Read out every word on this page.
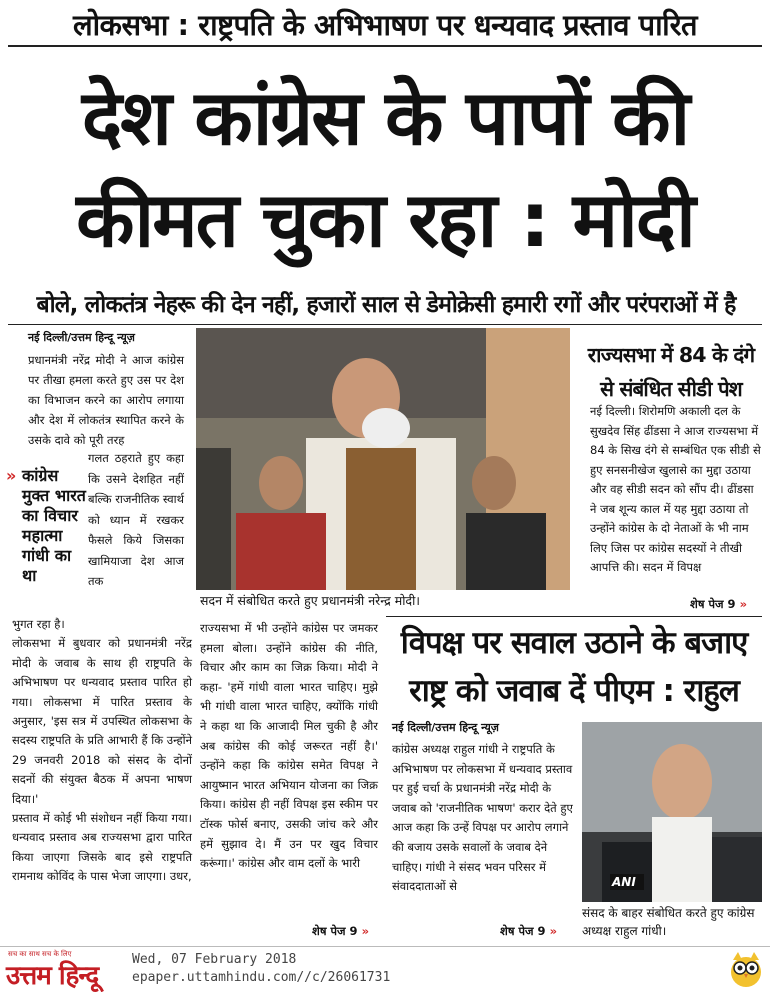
लोकसभा : राष्ट्रपति के अभिभाषण पर धन्यवाद प्रस्ताव पारित
देश कांग्रेस के पापों की
कीमत चुका रहा : मोदी
बोले, लोकतंत्र नेहरू की देन नहीं, हजारों साल से डेमोक्रेसी हमारी रगों और परंपराओं में है
नई दिल्ली/उत्तम हिन्दू न्यूज़
प्रधानमंत्री नरेंद्र मोदी ने आज कांग्रेस पर तीखा हमला करते हुए उस पर देश का विभाजन करने का आरोप लगाया और देश में लोकतंत्र स्थापित करने के उसके दावे को पूरी तरह
» कांग्रेस मुक्त भारत का विचार महात्मा गांधी का था
गलत ठहराते हुए कहा कि उसने देशहित नहीं बल्कि राजनीतिक स्वार्थ को ध्यान में रखकर फैसले किये जिसका खामियाजा देश आज तक
भुगत रहा है।
लोकसभा में बुधवार को प्रधानमंत्री नरेंद्र मोदी के जवाब के साथ ही राष्ट्रपति के अभिभाषण पर धन्यवाद प्रस्ताव पारित हो गया। लोकसभा में पारित प्रस्ताव के अनुसार, 'इस सत्र में उपस्थित लोकसभा के सदस्य राष्ट्रपति के प्रति आभारी हैं कि उन्होंने 29 जनवरी 2018 को संसद के दोनों सदनों की संयुक्त बैठक में अपना भाषण दिया।'
प्रस्ताव में कोई भी संशोधन नहीं किया गया। धन्यवाद प्रस्ताव अब राज्यसभा द्वारा पारित किया जाएगा जिसके बाद इसे राष्ट्रपति रामनाथ कोविंद के पास भेजा जाएगा। उधर,
सदन में संबोधित करते हुए प्रधानमंत्री नरेन्द्र मोदी।
राज्यसभा में भी उन्होंने कांग्रेस पर जमकर हमला बोला। उन्होंने कांग्रेस की नीति, विचार और काम का जिक्र किया। मोदी ने कहा- 'हमें गांधी वाला भारत चाहिए। मुझे भी गांधी वाला भारत चाहिए, क्योंकि गांधी ने कहा था कि आजादी मिल चुकी है और अब कांग्रेस की कोई जरूरत नहीं है।' उन्होंने कहा कि कांग्रेस समेत विपक्ष ने आयुष्मान भारत अभियान योजना का जिक्र किया। कांग्रेस ही नहीं विपक्ष इस स्कीम पर टॉस्क फोर्स बनाए, उसकी जांच करे और हमें सुझाव दे। मैं उन पर खुद विचार करूंगा।' कांग्रेस और वाम दलों के भारी
शेष पेज 9 »
राज्यसभा में 84 के दंगे
से संबंधित सीडी पेश
नई दिल्ली। शिरोमणि अकाली दल के सुखदेव सिंह ढींडसा ने आज राज्यसभा में 84 के सिख दंगे से सम्बंधित एक सीडी से हुए सनसनीखेज खुलासे का मुद्दा उठाया और वह सीडी सदन को सौंप दी। ढींडसा ने जब शून्य काल में यह मुद्दा उठाया तो उन्होंने कांग्रेस के दो नेताओं के भी नाम लिए जिस पर कांग्रेस सदस्यों ने तीखी आपत्ति की। सदन में विपक्ष
शेष पेज 9 »
विपक्ष पर सवाल उठाने के बजाए
राष्ट्र को जवाब दें पीएम : राहुल
नई दिल्ली/उत्तम हिन्दू न्यूज़
कांग्रेस अध्यक्ष राहुल गांधी ने राष्ट्रपति के अभिभाषण पर लोकसभा में धन्यवाद प्रस्ताव पर हुई चर्चा के प्रधानमंत्री नरेंद्र मोदी के जवाब को 'राजनीतिक भाषण' करार देते हुए आज कहा कि उन्हें विपक्ष पर आरोप लगाने की बजाय उसके सवालों के जवाब देने चाहिए। गांधी ने संसद भवन परिसर में संवाददाताओं से
शेष पेज 9 »
ANI
संसद के बाहर संबोधित करते हुए कांग्रेस अध्यक्ष राहुल गांधी।
सच का साथ सच के लिए
उत्तम हिन्दू
Wed, 07 February 2018
epaper.uttamhindu.com//c/26061731
